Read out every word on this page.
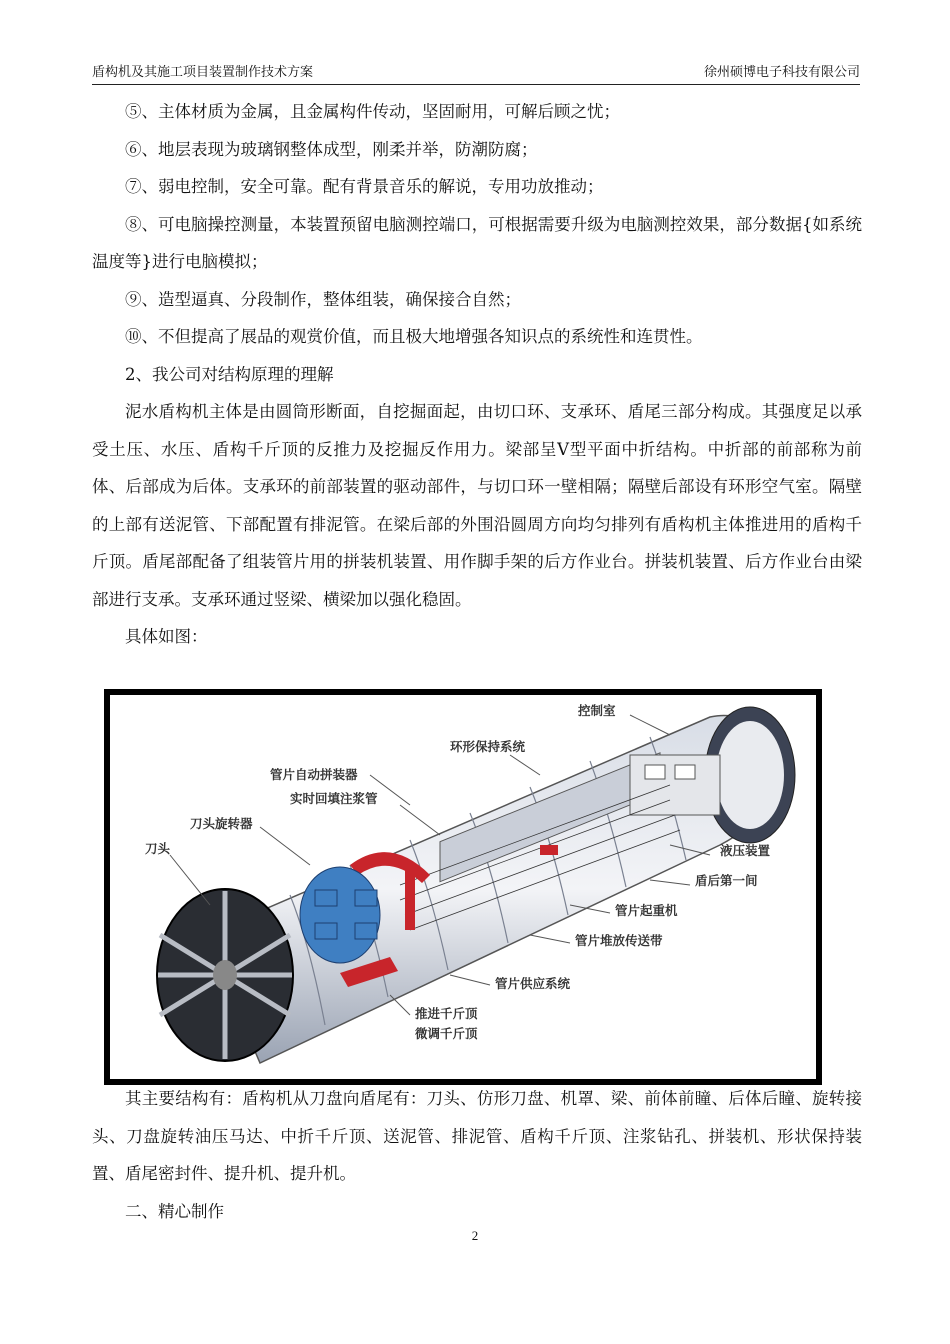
盾构机及其施工项目装置制作技术方案	徐州硕博电子科技有限公司

⑤、主体材质为金属，且金属构件传动，坚固耐用，可解后顾之忧；

⑥、地层表现为玻璃钢整体成型，刚柔并举，防潮防腐；

⑦、弱电控制，安全可靠。配有背景音乐的解说，专用功放推动；

⑧、可电脑操控测量，本装置预留电脑测控端口，可根据需要升级为电脑测控效果，部分数据{如系统温度等}进行电脑模拟；

⑨、造型逼真、分段制作，整体组装，确保接合自然；

⑩、不但提高了展品的观赏价值，而且极大地增强各知识点的系统性和连贯性。

2、我公司对结构原理的理解

泥水盾构机主体是由圆筒形断面，自挖掘面起，由切口环、支承环、盾尾三部分构成。其强度足以承受土压、水压、盾构千斤顶的反推力及挖掘反作用力。梁部呈Ⅴ型平面中折结构。中折部的前部称为前体、后部成为后体。支承环的前部装置的驱动部件，与切口环一壁相隔；隔壁后部设有环形空气室。隔壁的上部有送泥管、下部配置有排泥管。在梁后部的外围沿圆周方向均匀排列有盾构机主体推进用的盾构千斤顶。盾尾部配备了组装管片用的拼装机装置、用作脚手架的后方作业台。拼装机装置、后方作业台由梁部进行支承。支承环通过竖梁、横梁加以强化稳固。

具体如图：

控制室
环形保持系统
管片自动拼装器
实时回填注浆管
刀头旋转器
刀头	液压装置
盾后第一间
管片起重机
管片堆放传送带
管片供应系统
推进千斤顶
微调千斤顶

其主要结构有：盾构机从刀盘向盾尾有：刀头、仿形刀盘、机罩、梁、前体前瞳、后体后瞳、旋转接头、刀盘旋转油压马达、中折千斤顶、送泥管、排泥管、盾构千斤顶、注浆钻孔、拼装机、形状保持装置、盾尾密封件、提升机、提升机。

二、精心制作

2
